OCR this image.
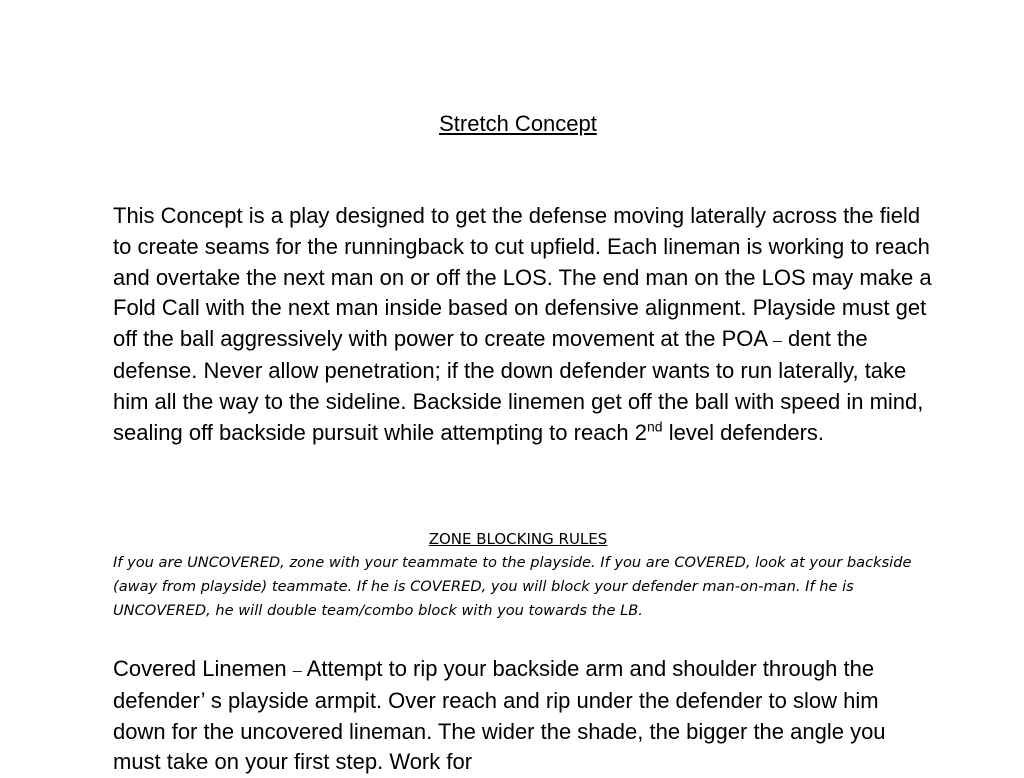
Stretch Concept

This Concept is a play designed to get the defense moving laterally across the field to create seams for the runningback to cut upfield. Each lineman is working to reach and overtake the next man on or off the LOS. The end man on the LOS may make a Fold Call with the next man inside based on defensive alignment. Playside must get off the ball aggressively with power to create movement at the POA – dent the defense. Never allow penetration; if the down defender wants to run laterally, take him all the way to the sideline. Backside linemen get off the ball with speed in mind, sealing off backside pursuit while attempting to reach 2nd level defenders.

ZONE BLOCKING RULES

If you are UNCOVERED, zone with your teammate to the playside. If you are COVERED, look at your backside (away from playside) teammate. If he is COVERED, you will block your defender man-on-man. If he is UNCOVERED, he will double team/combo block with you towards the LB.

Covered Linemen – Attempt to rip your backside arm and shoulder through the defender’ s playside armpit. Over reach and rip under the defender to slow him down for the uncovered lineman. The wider the shade, the bigger the angle you must take on your first step. Work for
